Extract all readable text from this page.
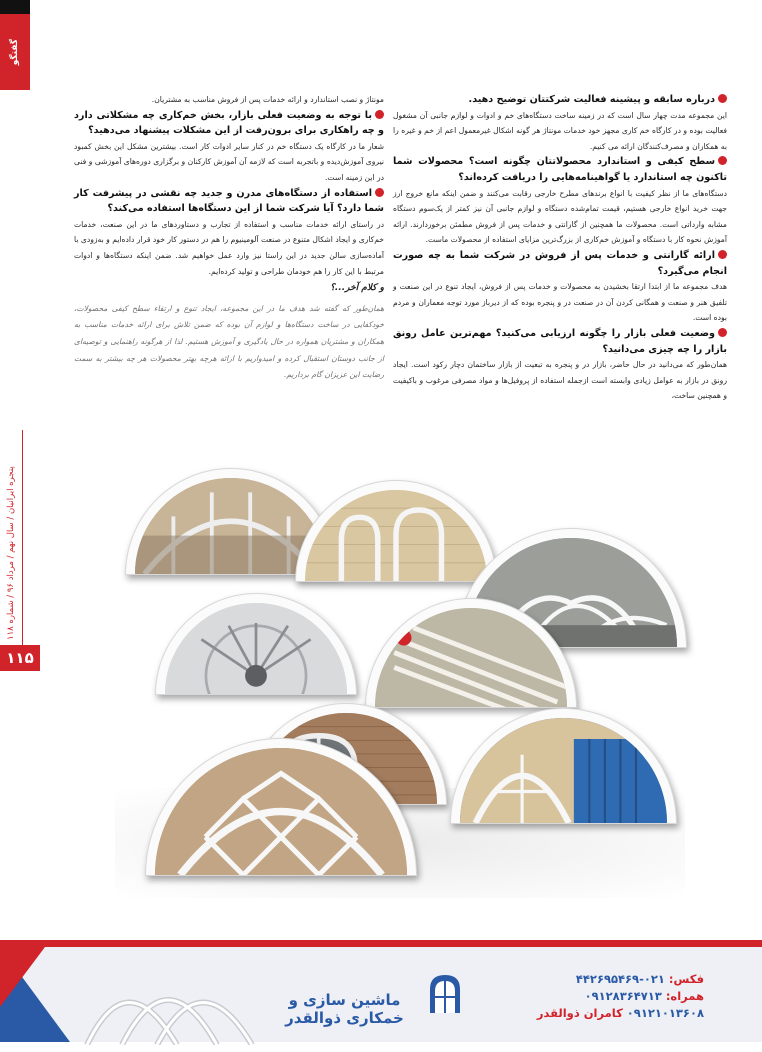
گفتگو
پنجره ایرانیان / سال نهم / مرداد ۹۶ / شماره ۱۱۸
۱۱۵

درباره سابقه و پیشینه فعالیت شرکتتان توضیح دهید.

این مجموعه مدت چهار سال است که در زمینه ساخت دستگاه‌های خم و ادوات و لوازم جانبی آن مشغول فعالیت بوده و در کارگاه خم کاری مجهز خود خدمات مونتاژ هر گونه اشکال غیرمعمول اعم از خم و غیره را به همکاران و مصرف‌کنندگان ارائه می کنیم.

سطح کیفی و استاندارد محصولاتتان چگونه است؟ محصولات شما تاکنون چه استاندارد یا گواهینامه‌هایی را دریافت کرده‌اند؟

دستگاه‌های ما از نظر کیفیت با انواع برندهای مطرح خارجی رقابت می‌کنند و ضمن اینکه مانع خروج ارز جهت خرید انواع خارجی هستیم، قیمت تمام‌شده دستگاه و لوازم جانبی آن نیز کمتر از یک‌سوم دستگاه مشابه وارداتی است. محصولات ما همچنین از گارانتی و خدمات پس از فروش مطمئن برخوردارند. ارائه آموزش نحوه کار با دستگاه و آموزش خم‌کاری از بزرگ‌ترین مزایای استفاده از محصولات ماست.

ارائه گارانتی و خدمات پس از فروش در شرکت شما به چه صورت انجام می‌گیرد؟

هدف مجموعه ما از ابتدا ارتقا بخشیدن به محصولات و خدمات پس از فروش، ایجاد تنوع در این صنعت و تلفیق هنر و صنعت و همگانی کردن آن در صنعت در و پنجره بوده که از دیرباز مورد توجه معماران و مردم بوده است.

وضعیت فعلی بازار را چگونه ارزیابی می‌کنید؟ مهم‌ترین عامل رونق بازار را چه چیزی می‌دانید؟

همان‌طور که می‌دانید در حال حاضر، بازار در و پنجره به تبعیت از بازار ساختمان دچار رکود است. ایجاد رونق در بازار به عوامل زیادی وابسته است ازجمله استفاده از پروفیل‌ها و مواد مصرفی مرغوب و باکیفیت و همچنین ساخت،

مونتاژ و نصب استاندارد و ارائه خدمات پس از فروش مناسب به مشتریان.

با توجه به وضعیت فعلی بازار، بخش خم‌کاری چه مشکلاتی دارد و چه راهکاری برای برون‌رفت از این مشکلات پیشنهاد می‌دهید؟

شعار ما در کارگاه یک دستگاه خم در کنار سایر ادوات کار است. بیشترین مشکل این بخش کمبود نیروی آموزش‌دیده و باتجربه است که لازمه آن آموزش کارکنان و برگزاری دوره‌های آموزشی و فنی در این زمینه است.

استفاده از دستگاه‌های مدرن و جدید چه نقشی در پیشرفت کار شما دارد؟ آیا شرکت شما از این دستگاه‌ها استفاده می‌کند؟

در راستای ارائه خدمات مناسب و استفاده از تجارب و دستاوردهای ما در این صنعت، خدمات خم‌کاری و ایجاد اشکال متنوع در صنعت آلومینیوم را هم در دستور کار خود قرار داده‌ایم و به‌زودی با آماده‌سازی سالن جدید در این راستا نیز وارد عمل خواهیم شد. ضمن اینکه دستگاه‌ها و ادوات مرتبط با این کار را هم خودمان طراحی و تولید کرده‌ایم.

و کلام آخر...؟

همان‌طور که گفته شد هدف ما در این مجموعه، ایجاد تنوع و ارتقاء سطح کیفی محصولات، خودکفایی در ساخت دستگاه‌ها و لوازم آن بوده که ضمن تلاش برای ارائه خدمات مناسب به همکاران و مشتریان همواره در حال یادگیری و آموزش هستیم. لذا از هرگونه راهنمایی و توصیه‌ای از جانب دوستان استقبال کرده و امیدواریم با ارائه هرچه بهتر محصولات هر چه بیشتر به سمت رضایت این عزیزان گام برداریم.

ماشین سازی و خمکاری ذوالقدر
فکس: ۰۲۱-۴۴۲۶۹۵۴۶۹
همراه: ۰۹۱۲۸۳۶۴۷۱۳
۰۹۱۲۱۰۱۳۶۰۸ کامران ذوالقدر
